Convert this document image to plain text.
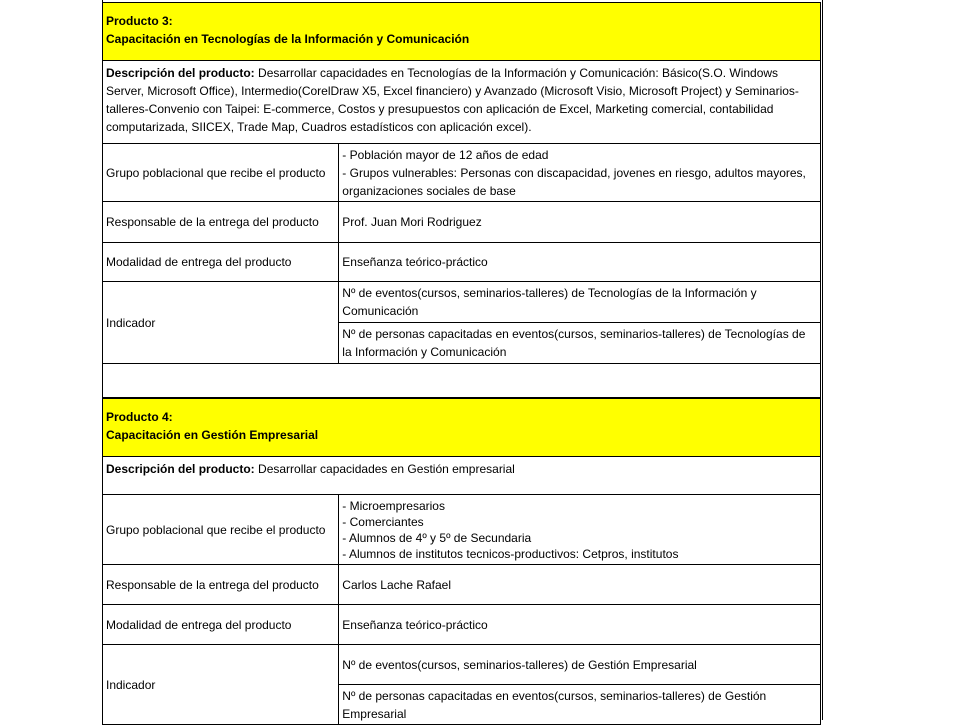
Producto 3:
Capacitación en Tecnologías de la Información y Comunicación	

Descripción del producto: Desarrollar capacidades en Tecnologías de la Información y Comunicación: Básico(S.O. Windows Server, Microsoft Office), Intermedio(CorelDraw X5, Excel financiero) y Avanzado (Microsoft Visio, Microsoft Project) y Seminarios-talleres-Convenio con Taipei: E-commerce, Costos y presupuestos con aplicación de Excel, Marketing comercial, contabilidad computarizada, SIICEX, Trade Map, Cuadros estadísticos con aplicación excel).	
Grupo poblacional que recibe el producto	- Población mayor de 12 años de edad
- Grupos vulnerables: Personas con discapacidad, jovenes en riesgo, adultos mayores, organizaciones sociales de base

Responsable de la entrega del producto	Prof. Juan Mori Rodriguez
Modalidad de entrega del producto	Enseñanza teórico-práctico
Indicador	Nº de eventos(cursos, seminarios-talleres) de Tecnologías de la Información y Comunicación
	Nº de personas capacitadas en eventos(cursos, seminarios-talleres) de Tecnologías de la Información y Comunicación

Producto 4:
Capacitación en Gestión Empresarial	

Descripción del producto: Desarrollar capacidades en Gestión empresarial	
Grupo poblacional que recibe el producto	- Microempresarios
- Comerciantes
- Alumnos de 4º y 5º de Secundaria
- Alumnos de institutos tecnicos-productivos: Cetpros, institutos

Responsable de la entrega del producto	Carlos Lache Rafael
Modalidad de entrega del producto	Enseñanza teórico-práctico
Indicador	Nº de eventos(cursos, seminarios-talleres) de Gestión Empresarial
	Nº de personas capacitadas en eventos(cursos, seminarios-talleres) de Gestión Empresarial
